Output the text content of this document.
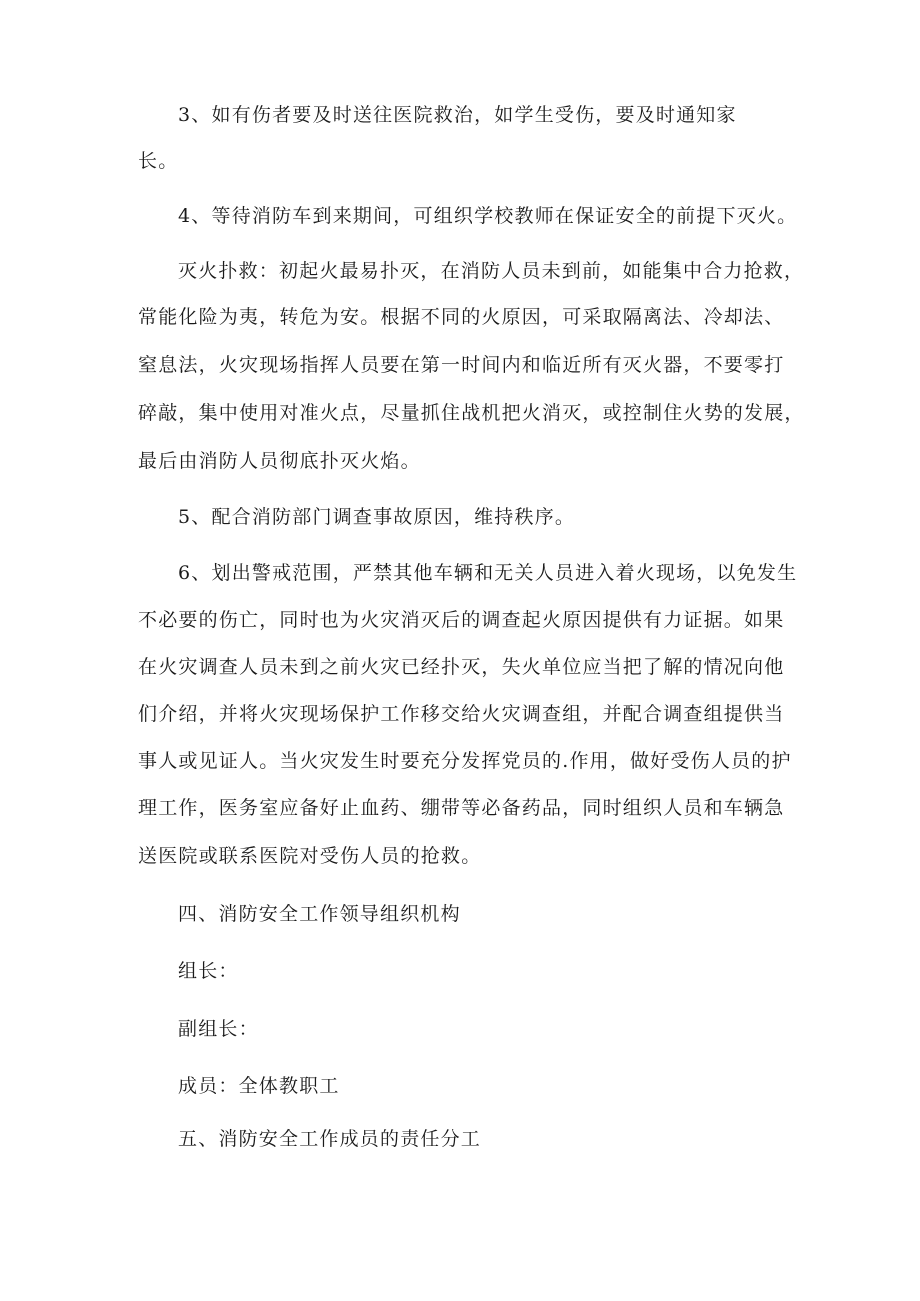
3、如有伤者要及时送往医院救治，如学生受伤，要及时通知家
长。
4、等待消防车到来期间，可组织学校教师在保证安全的前提下灭火。
灭火扑救：初起火最易扑灭，在消防人员未到前，如能集中合力抢救，
常能化险为夷，转危为安。根据不同的火原因，可采取隔离法、冷却法、
窒息法，火灾现场指挥人员要在第一时间内和临近所有灭火器，不要零打
碎敲，集中使用对准火点，尽量抓住战机把火消灭，或控制住火势的发展，
最后由消防人员彻底扑灭火焰。
5、配合消防部门调查事故原因，维持秩序。
6、划出警戒范围，严禁其他车辆和无关人员进入着火现场，以免发生
不必要的伤亡，同时也为火灾消灭后的调查起火原因提供有力证据。如果
在火灾调查人员未到之前火灾已经扑灭，失火单位应当把了解的情况向他
们介绍，并将火灾现场保护工作移交给火灾调查组，并配合调查组提供当
事人或见证人。当火灾发生时要充分发挥党员的.作用，做好受伤人员的护
理工作，医务室应备好止血药、绷带等必备药品，同时组织人员和车辆急
送医院或联系医院对受伤人员的抢救。
四、消防安全工作领导组织机构
组长：
副组长：
成员：全体教职工
五、消防安全工作成员的责任分工
